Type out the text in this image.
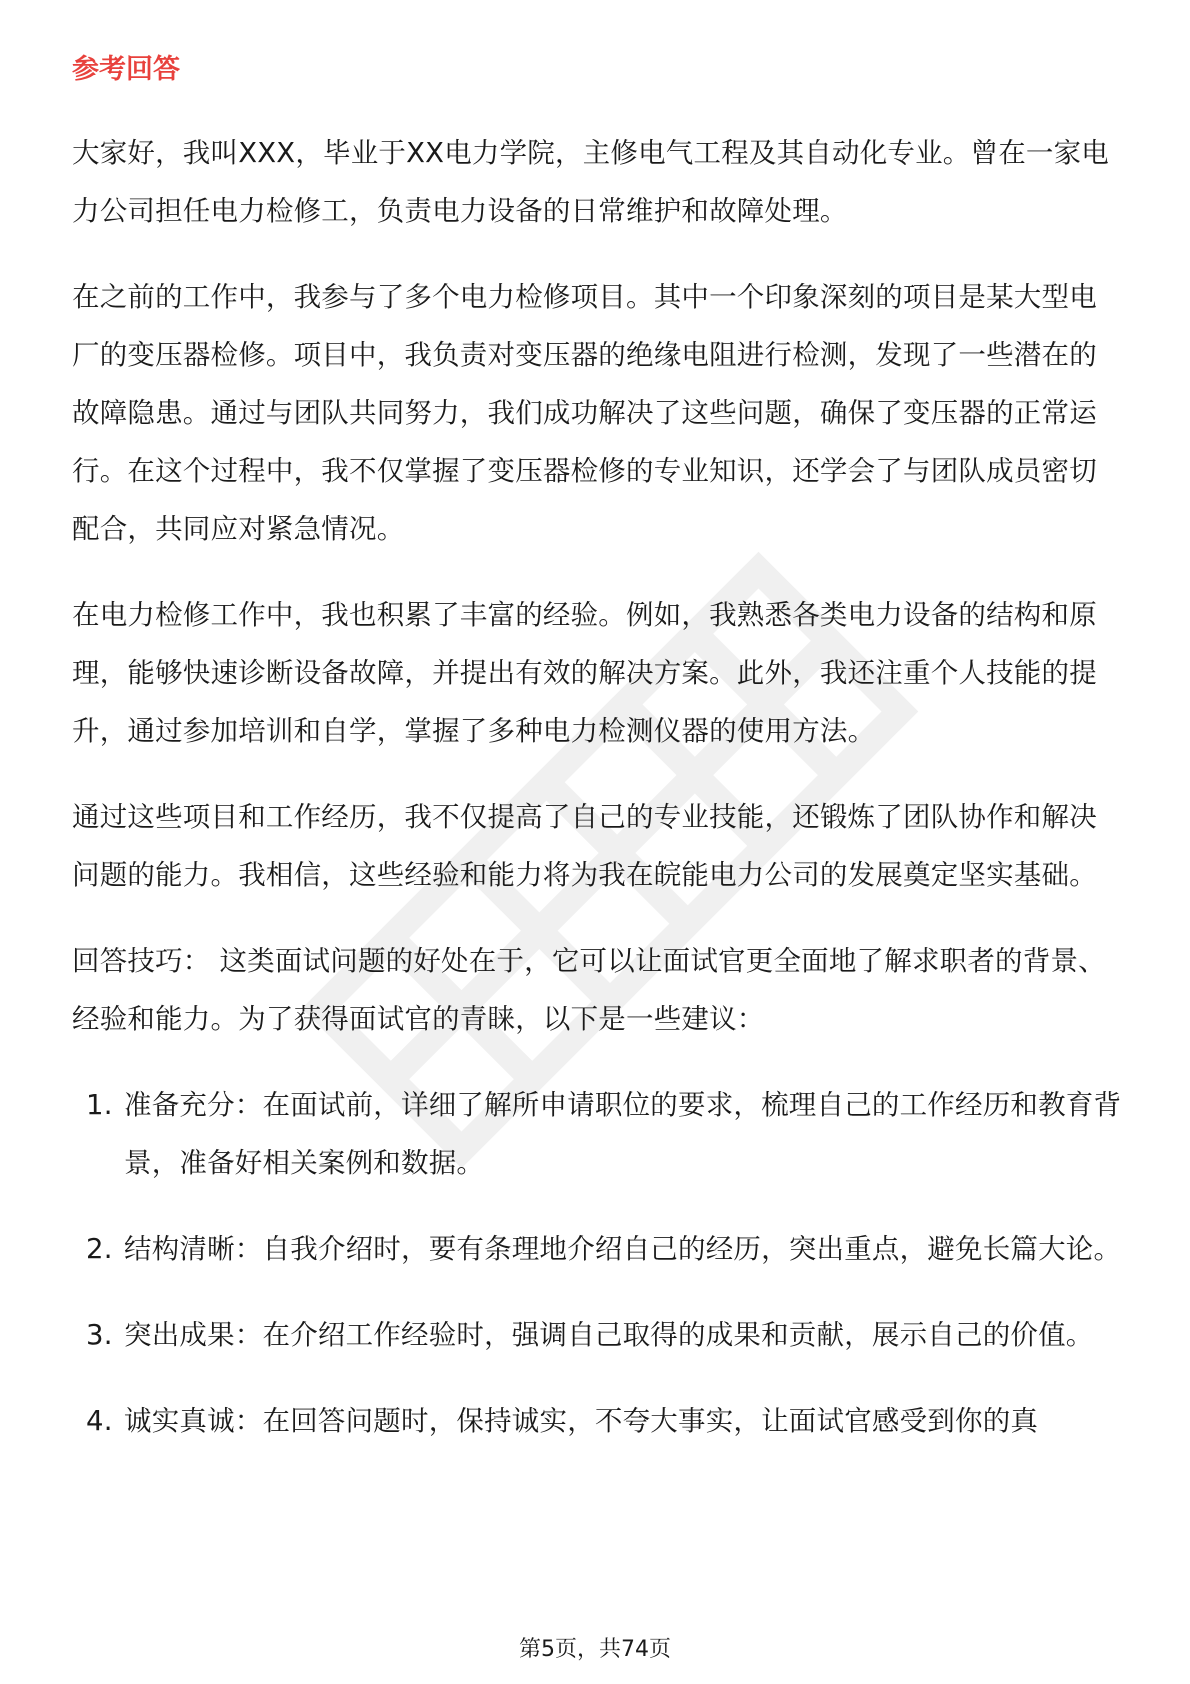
参考回答

大家好，我叫XXX，毕业于XX电力学院，主修电气工程及其自动化专业。曾在一家电力公司担任电力检修工，负责电力设备的日常维护和故障处理。

在之前的工作中，我参与了多个电力检修项目。其中一个印象深刻的项目是某大型电厂的变压器检修。项目中，我负责对变压器的绝缘电阻进行检测，发现了一些潜在的故障隐患。通过与团队共同努力，我们成功解决了这些问题，确保了变压器的正常运行。在这个过程中，我不仅掌握了变压器检修的专业知识，还学会了与团队成员密切配合，共同应对紧急情况。

在电力检修工作中，我也积累了丰富的经验。例如，我熟悉各类电力设备的结构和原理，能够快速诊断设备故障，并提出有效的解决方案。此外，我还注重个人技能的提升，通过参加培训和自学，掌握了多种电力检测仪器的使用方法。

通过这些项目和工作经历，我不仅提高了自己的专业技能，还锻炼了团队协作和解决问题的能力。我相信，这些经验和能力将为我在皖能电力公司的发展奠定坚实基础。

回答技巧： 这类面试问题的好处在于，它可以让面试官更全面地了解求职者的背景、经验和能力。为了获得面试官的青睐，以下是一些建议：

1. 准备充分：在面试前，详细了解所申请职位的要求，梳理自己的工作经历和教育背景，准备好相关案例和数据。
2. 结构清晰：自我介绍时，要有条理地介绍自己的经历，突出重点，避免长篇大论。
3. 突出成果：在介绍工作经验时，强调自己取得的成果和贡献，展示自己的价值。
4. 诚实真诚：在回答问题时，保持诚实，不夸大事实，让面试官感受到你的真
第5页，共74页
